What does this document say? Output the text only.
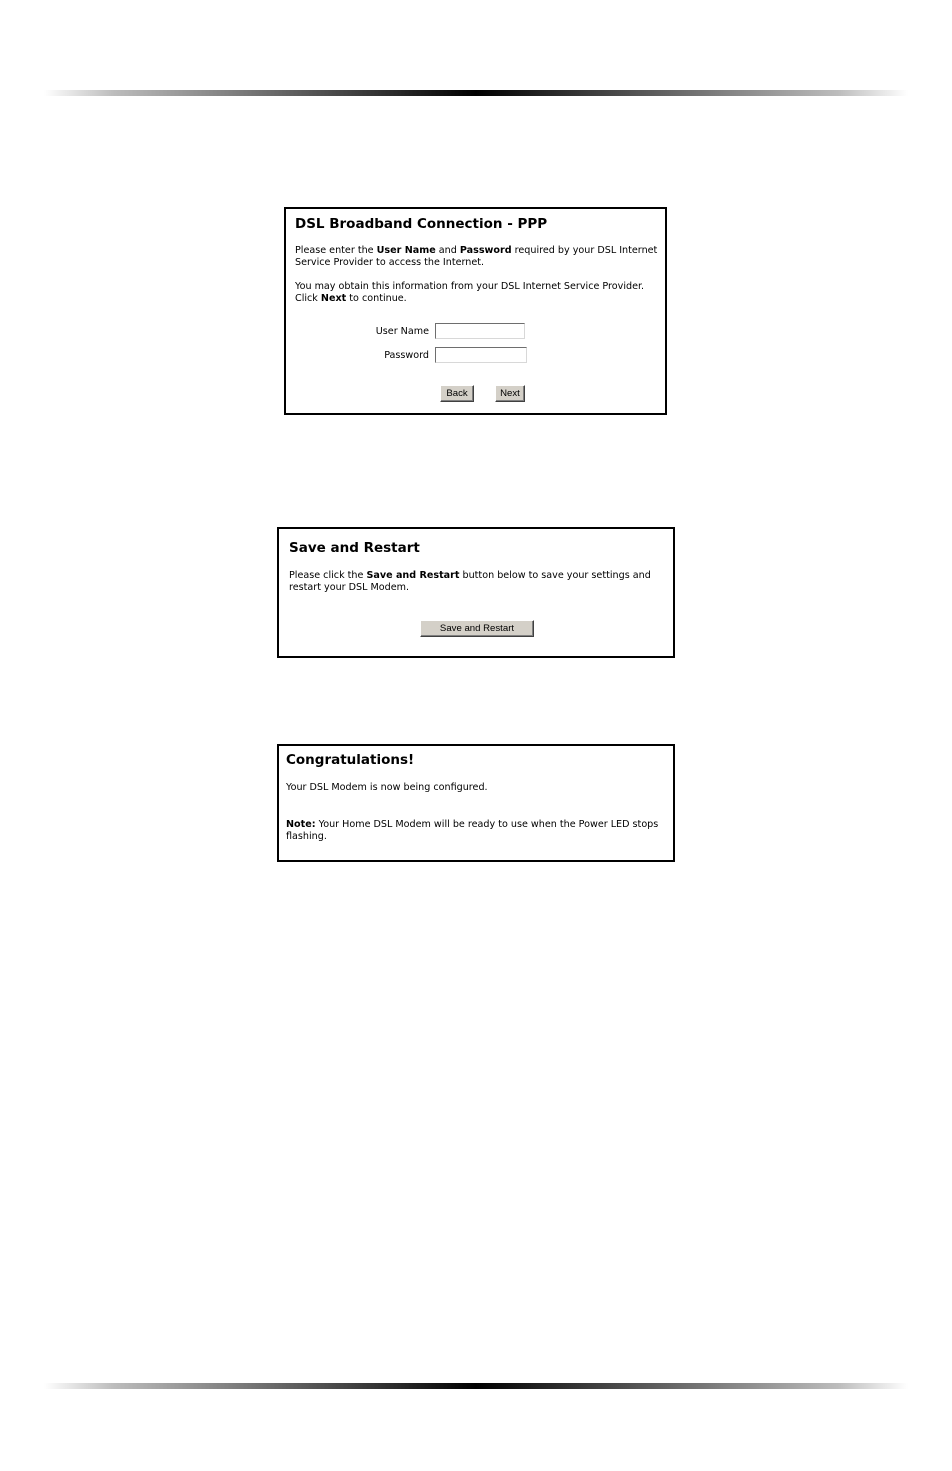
DSL Broadband Connection - PPP
Please enter the User Name and Password required by your DSL Internet Service Provider to access the Internet.
You may obtain this information from your DSL Internet Service Provider. Click Next to continue.
User Name
Password
Back	Next
Save and Restart
Please click the Save and Restart button below to save your settings and restart your DSL Modem.
Save and Restart
Congratulations!
Your DSL Modem is now being configured.
Note: Your Home DSL Modem will be ready to use when the Power LED stops flashing.
